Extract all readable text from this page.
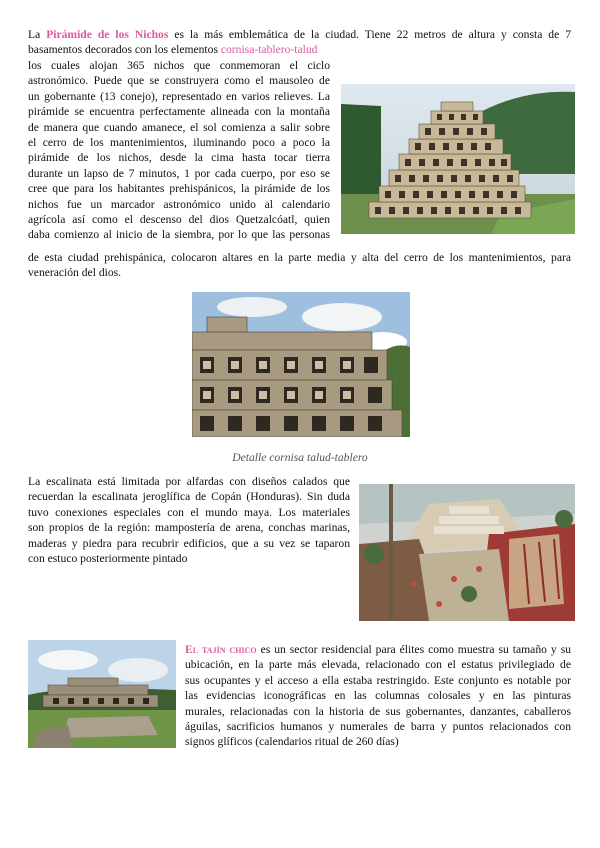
La Pirámide de los Nichos es la más emblemática de la ciudad. Tiene 22 metros de altura y consta de 7
basamentos decorados con los elementos cornisa-tablero-talud
los cuales alojan 365 nichos que conmemoran el ciclo
astronómico. Puede que se construyera como el mausoleo de
un gobernante (13 conejo), representado en varios relieves. La
pirámide se encuentra perfectamente alineada con la montaña
de manera que cuando amanece, el sol comienza a salir sobre
el cerro de los mantenimientos, iluminando poco a poco la
pirámide de los nichos, desde la cima hasta tocar tierra
durante un lapso de 7 minutos, 1 por cada cuerpo, por eso se
cree que para los habitantes prehispánicos, la pirámide de los
nichos fue un marcador astronómico unido al calendario
agrícola así como el descenso del dios Quetzalcóatl, quien
daba comienzo al inicio de la siembra, por lo que las personas
de esta ciudad prehispánica, colocaron altares en la parte media y alta del cerro de los mantenimientos, para
veneración del dios.
Detalle cornisa talud-tablero
La escalinata está limitada por alfardas con diseños calados que
recuerdan la escalinata jeroglífica de Copán (Honduras). Sin duda
tuvo conexiones especiales con el mundo maya. Los materiales
son propios de la región: mampostería de arena, conchas marinas,
maderas y piedra para recubrir edificios, que a su vez se taparon
con estuco posteriormente pintado
El tajín chico es un sector residencial para élites como muestra su tamaño y su
ubicación, en la parte más elevada, relacionado con el estatus privilegiado de
sus ocupantes y el acceso a ella estaba restringido. Este conjunto es notable por
las evidencias iconográficas en las columnas colosales y en las pinturas
murales, relacionadas con la historia de sus gobernantes, danzantes, caballeros
águilas, sacrificios humanos y numerales de barra y puntos relacionados con
signos glíficos (calendarios ritual de 260 días)
